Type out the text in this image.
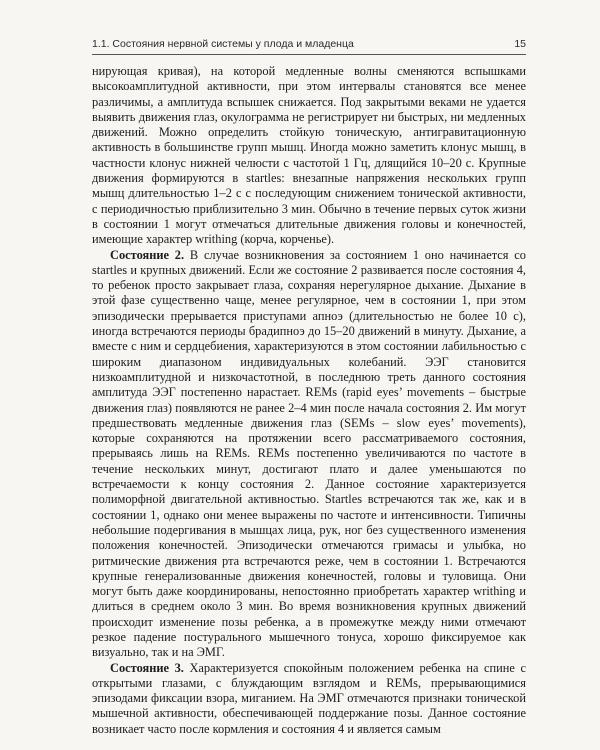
1.1. Состояния нервной системы у плода и младенца	15

нирующая кривая), на которой медленные волны сменяются вспышками высокоамплитудной активности, при этом интервалы становятся все менее различимы, а амплитуда вспышек снижается. Под закрытыми веками не удается выявить движения глаз, окулограмма не регистрирует ни быстрых, ни медленных движений. Можно определить стойкую тоническую, антигравитационную активность в большинстве групп мышц. Иногда можно заметить клонус мышц, в частности клонус нижней челюсти с частотой 1 Гц, длящийся 10–20 с. Крупные движения формируются в startles: внезапные напряжения нескольких групп мышц длительностью 1–2 с с последующим снижением тонической активности, с периодичностью приблизительно 3 мин. Обычно в течение первых суток жизни в состоянии 1 могут отмечаться длительные движения головы и конечностей, имеющие характер writhing (корча, корченье).

Состояние 2. В случае возникновения за состоянием 1 оно начинается со startles и крупных движений. Если же состояние 2 развивается после состояния 4, то ребенок просто закрывает глаза, сохраняя нерегулярное дыхание. Дыхание в этой фазе существенно чаще, менее регулярное, чем в состоянии 1, при этом эпизодически прерывается приступами апноэ (длительностью не более 10 с), иногда встречаются периоды брадипноэ до 15–20 движений в минуту. Дыхание, а вместе с ним и сердцебиения, характеризуются в этом состоянии лабильностью с широким диапазоном индивидуальных колебаний. ЭЭГ становится низкоамплитудной и низкочастотной, в последнюю треть данного состояния амплитуда ЭЭГ постепенно нарастает. REMs (rapid eyes’ movements – быстрые движения глаз) появляются не ранее 2–4 мин после начала состояния 2. Им могут предшествовать медленные движения глаз (SEMs – slow eyes’ movements), которые сохраняются на протяжении всего рассматриваемого состояния, прерываясь лишь на REMs. REMs постепенно увеличиваются по частоте в течение нескольких минут, достигают плато и далее уменьшаются по встречаемости к концу состояния 2. Данное состояние характеризуется полиморфной двигательной активностью. Startles встречаются так же, как и в состоянии 1, однако они менее выражены по частоте и интенсивности. Типичны небольшие подергивания в мышцах лица, рук, ног без существенного изменения положения конечностей. Эпизодически отмечаются гримасы и улыбка, но ритмические движения рта встречаются реже, чем в состоянии 1. Встречаются крупные генерализованные движения конечностей, головы и туловища. Они могут быть даже координированы, непостоянно приобретать характер writhing и длиться в среднем около 3 мин. Во время возникновения крупных движений происходит изменение позы ребенка, а в промежутке между ними отмечают резкое падение постурального мышечного тонуса, хорошо фиксируемое как визуально, так и на ЭМГ.

Состояние 3. Характеризуется спокойным положением ребенка на спине с открытыми глазами, с блуждающим взглядом и REMs, прерывающимися эпизодами фиксации взора, миганием. На ЭМГ отмечаются признаки тонической мышечной активности, обеспечивающей поддержание позы. Данное состояние возникает часто после кормления и состояния 4 и является самым
